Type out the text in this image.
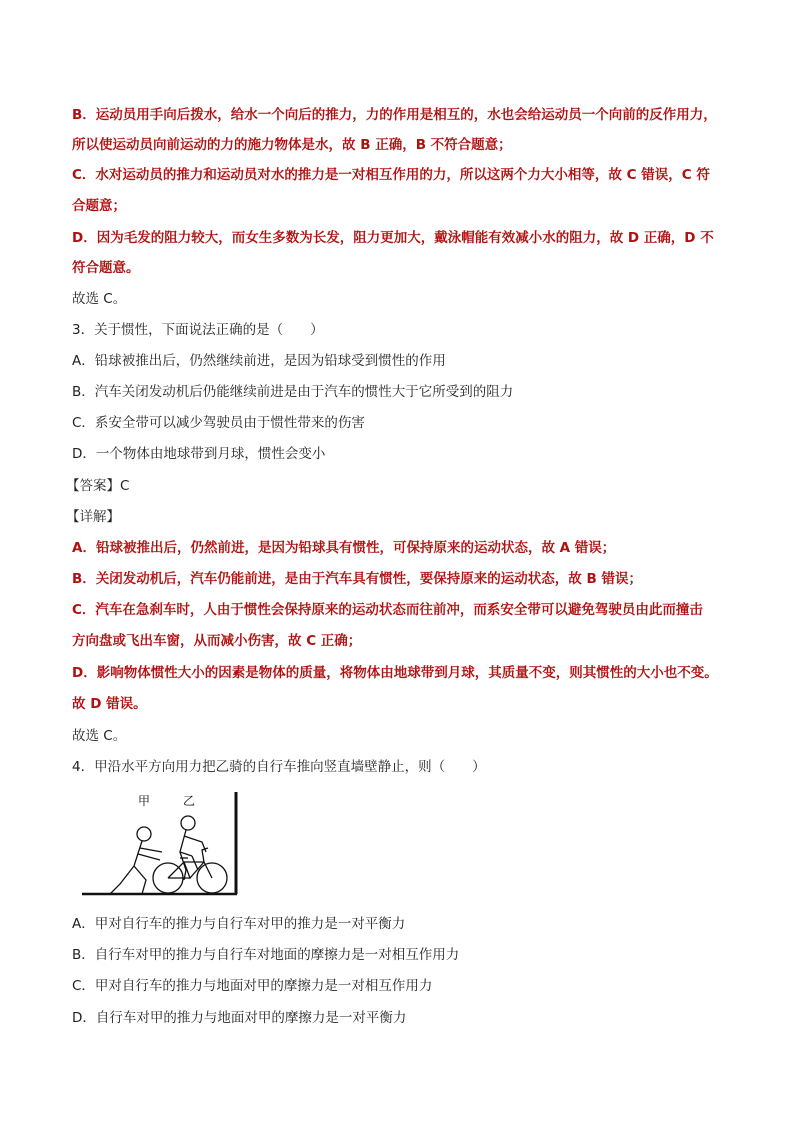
B．运动员用手向后拨水，给水一个向后的推力，力的作用是相互的，水也会给运动员一个向前的反作用力，
所以使运动员向前运动的力的施力物体是水，故 B 正确，B 不符合题意；
C．水对运动员的推力和运动员对水的推力是一对相互作用的力，所以这两个力大小相等，故 C 错误，C 符
合题意；
D．因为毛发的阻力较大，而女生多数为长发，阻力更加大，戴泳帽能有效减小水的阻力，故 D 正确，D 不
符合题意。
故选 C。
3．关于惯性，下面说法正确的是（　　）
A．铅球被推出后，仍然继续前进，是因为铅球受到惯性的作用
B．汽车关闭发动机后仍能继续前进是由于汽车的惯性大于它所受到的阻力
C．系安全带可以减少驾驶员由于惯性带来的伤害
D．一个物体由地球带到月球，惯性会变小
【答案】C
【详解】
A．铅球被推出后，仍然前进，是因为铅球具有惯性，可保持原来的运动状态，故 A 错误；
B．关闭发动机后，汽车仍能前进，是由于汽车具有惯性，要保持原来的运动状态，故 B 错误；
C．汽车在急刹车时，人由于惯性会保持原来的运动状态而往前冲，而系安全带可以避免驾驶员由此而撞击
方向盘或飞出车窗，从而减小伤害，故 C 正确；
D．影响物体惯性大小的因素是物体的质量，将物体由地球带到月球，其质量不变，则其惯性的大小也不变。
故 D 错误。
故选 C。
4．甲沿水平方向用力把乙骑的自行车推向竖直墙壁静止，则（　　）
甲	乙
A．甲对自行车的推力与自行车对甲的推力是一对平衡力
B．自行车对甲的推力与自行车对地面的摩擦力是一对相互作用力
C．甲对自行车的推力与地面对甲的摩擦力是一对相互作用力
D．自行车对甲的推力与地面对甲的摩擦力是一对平衡力
